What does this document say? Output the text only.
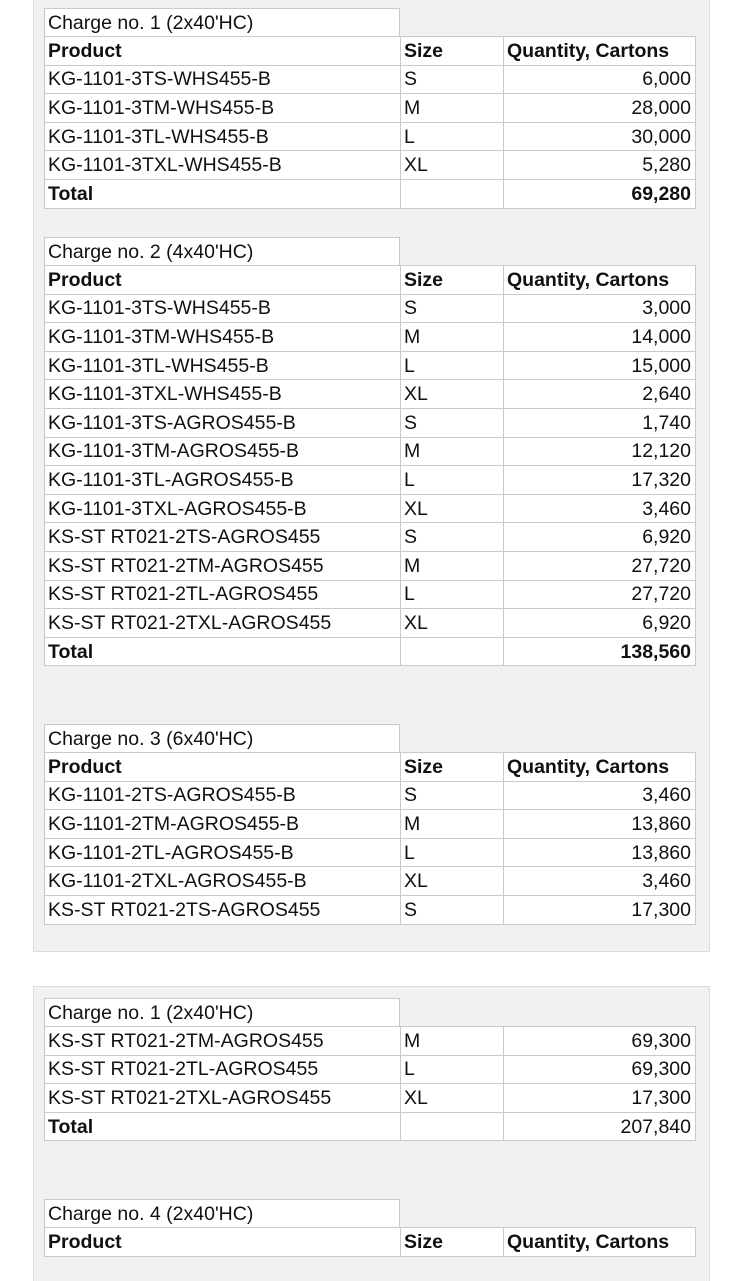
Charge no. 1 (2x40'HC)
Product	Size	Quantity, Cartons
KG-1101-3TS-WHS455-B	S	6,000
KG-1101-3TM-WHS455-B	M	28,000
KG-1101-3TL-WHS455-B	L	30,000
KG-1101-3TXL-WHS455-B	XL	5,280
Total		69,280
Charge no. 2 (4x40'HC)
Product	Size	Quantity, Cartons
KG-1101-3TS-WHS455-B	S	3,000
KG-1101-3TM-WHS455-B	M	14,000
KG-1101-3TL-WHS455-B	L	15,000
KG-1101-3TXL-WHS455-B	XL	2,640
KG-1101-3TS-AGROS455-B	S	1,740
KG-1101-3TM-AGROS455-B	M	12,120
KG-1101-3TL-AGROS455-B	L	17,320
KG-1101-3TXL-AGROS455-B	XL	3,460
KS-ST RT021-2TS-AGROS455	S	6,920
KS-ST RT021-2TM-AGROS455	M	27,720
KS-ST RT021-2TL-AGROS455	L	27,720
KS-ST RT021-2TXL-AGROS455	XL	6,920
Total		138,560
Charge no. 3 (6x40'HC)
Product	Size	Quantity, Cartons
KG-1101-2TS-AGROS455-B	S	3,460
KG-1101-2TM-AGROS455-B	M	13,860
KG-1101-2TL-AGROS455-B	L	13,860
KG-1101-2TXL-AGROS455-B	XL	3,460
KS-ST RT021-2TS-AGROS455	S	17,300
Charge no. 1 (2x40'HC)
KS-ST RT021-2TM-AGROS455	M	69,300
KS-ST RT021-2TL-AGROS455	L	69,300
KS-ST RT021-2TXL-AGROS455	XL	17,300
Total		207,840
Charge no. 4 (2x40'HC)
Product	Size	Quantity, Cartons
